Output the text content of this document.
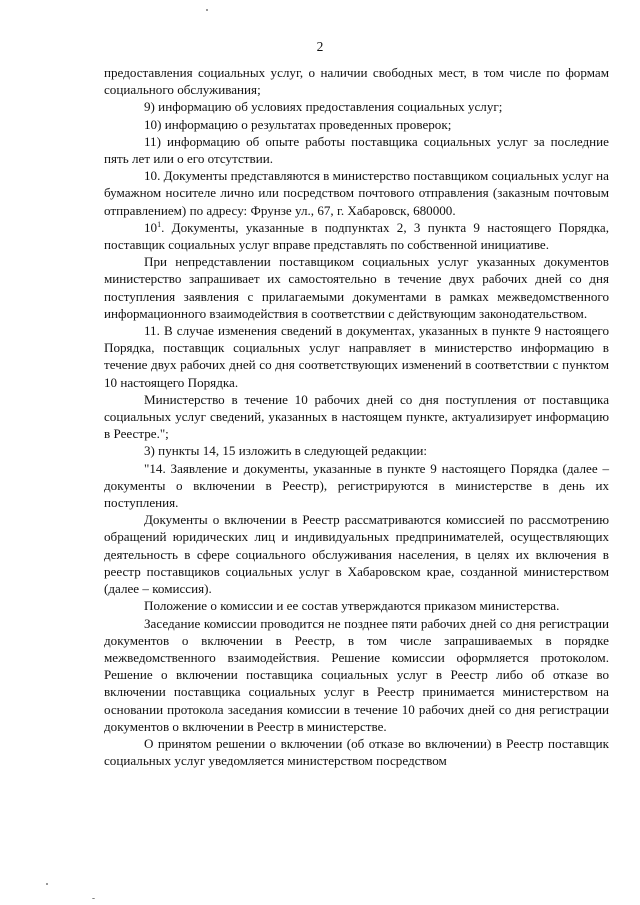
2

предоставления социальных услуг, о наличии свободных мест, в том числе по формам социального обслуживания;

9) информацию об условиях предоставления социальных услуг;

10) информацию о результатах проведенных проверок;

11) информацию об опыте работы поставщика социальных услуг за последние пять лет или о его отсутствии.

10. Документы представляются в министерство поставщиком социальных услуг на бумажном носителе лично или посредством почтового отправления (заказным почтовым отправлением) по адресу: Фрунзе ул., 67, г. Хабаровск, 680000.

$10^1$. Документы, указанные в подпунктах 2, 3 пункта 9 настоящего Порядка, поставщик социальных услуг вправе представлять по собственной инициативе.

При непредставлении поставщиком социальных услуг указанных документов министерство запрашивает их самостоятельно в течение двух рабочих дней со дня поступления заявления с прилагаемыми документами в рамках межведомственного информационного взаимодействия в соответствии с действующим законодательством.

11. В случае изменения сведений в документах, указанных в пункте 9 настоящего Порядка, поставщик социальных услуг направляет в министерство информацию в течение двух рабочих дней со дня соответствующих изменений в соответствии с пунктом 10 настоящего Порядка.

Министерство в течение 10 рабочих дней со дня поступления от поставщика социальных услуг сведений, указанных в настоящем пункте, актуализирует информацию в Реестре.";

3) пункты 14, 15 изложить в следующей редакции:

"14. Заявление и документы, указанные в пункте 9 настоящего Порядка (далее – документы о включении в Реестр), регистрируются в министерстве в день их поступления.

Документы о включении в Реестр рассматриваются комиссией по рассмотрению обращений юридических лиц и индивидуальных предпринимателей, осуществляющих деятельность в сфере социального обслуживания населения, в целях их включения в реестр поставщиков социальных услуг в Хабаровском крае, созданной министерством (далее – комиссия).

Положение о комиссии и ее состав утверждаются приказом министерства.

Заседание комиссии проводится не позднее пяти рабочих дней со дня регистрации документов о включении в Реестр, в том числе запрашиваемых в порядке межведомственного взаимодействия. Решение комиссии оформляется протоколом. Решение о включении поставщика социальных услуг в Реестр либо об отказе во включении поставщика социальных услуг в Реестр принимается министерством на основании протокола заседания комиссии в течение 10 рабочих дней со дня регистрации документов о включении в Реестр в министерстве.

О принятом решении о включении (об отказе во включении) в Реестр поставщик социальных услуг уведомляется министерством посредством
